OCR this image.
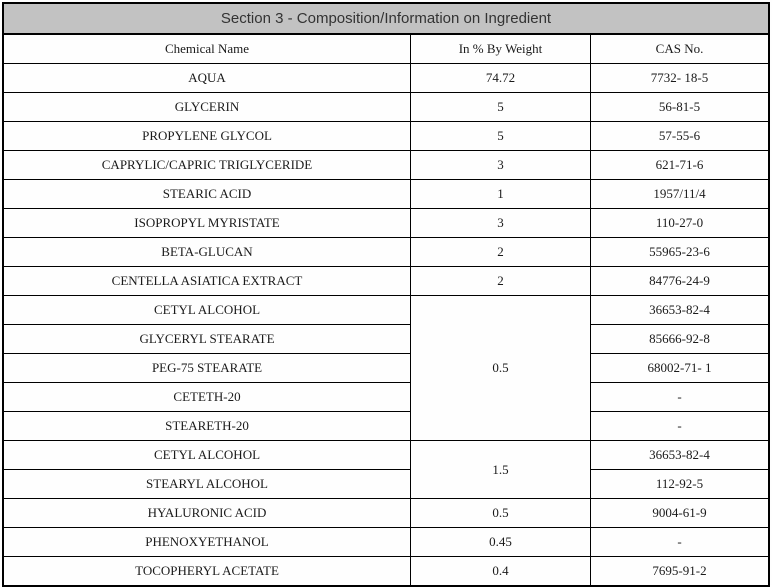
Section 3 - Composition/Information on Ingredient		
Chemical Name	In % By Weight	CAS No.
AQUA	74.72	7732- 18-5
GLYCERIN	5	56-81-5
PROPYLENE GLYCOL	5	57-55-6
CAPRYLIC/CAPRIC TRIGLYCERIDE	3	621-71-6
STEARIC ACID	1	1957/11/4
ISOPROPYL MYRISTATE	3	110-27-0
BETA-GLUCAN	2	55965-23-6
CENTELLA ASIATICA EXTRACT	2	84776-24-9
CETYL ALCOHOL	0.5	36653-82-4
GLYCERYL STEARATE		85666-92-8
PEG-75 STEARATE		68002-71- 1
CETETH-20		-
STEARETH-20		-
CETYL ALCOHOL	1.5	36653-82-4
STEARYL ALCOHOL		112-92-5
HYALURONIC ACID	0.5	9004-61-9
PHENOXYETHANOL	0.45	-
TOCOPHERYL ACETATE	0.4	7695-91-2
